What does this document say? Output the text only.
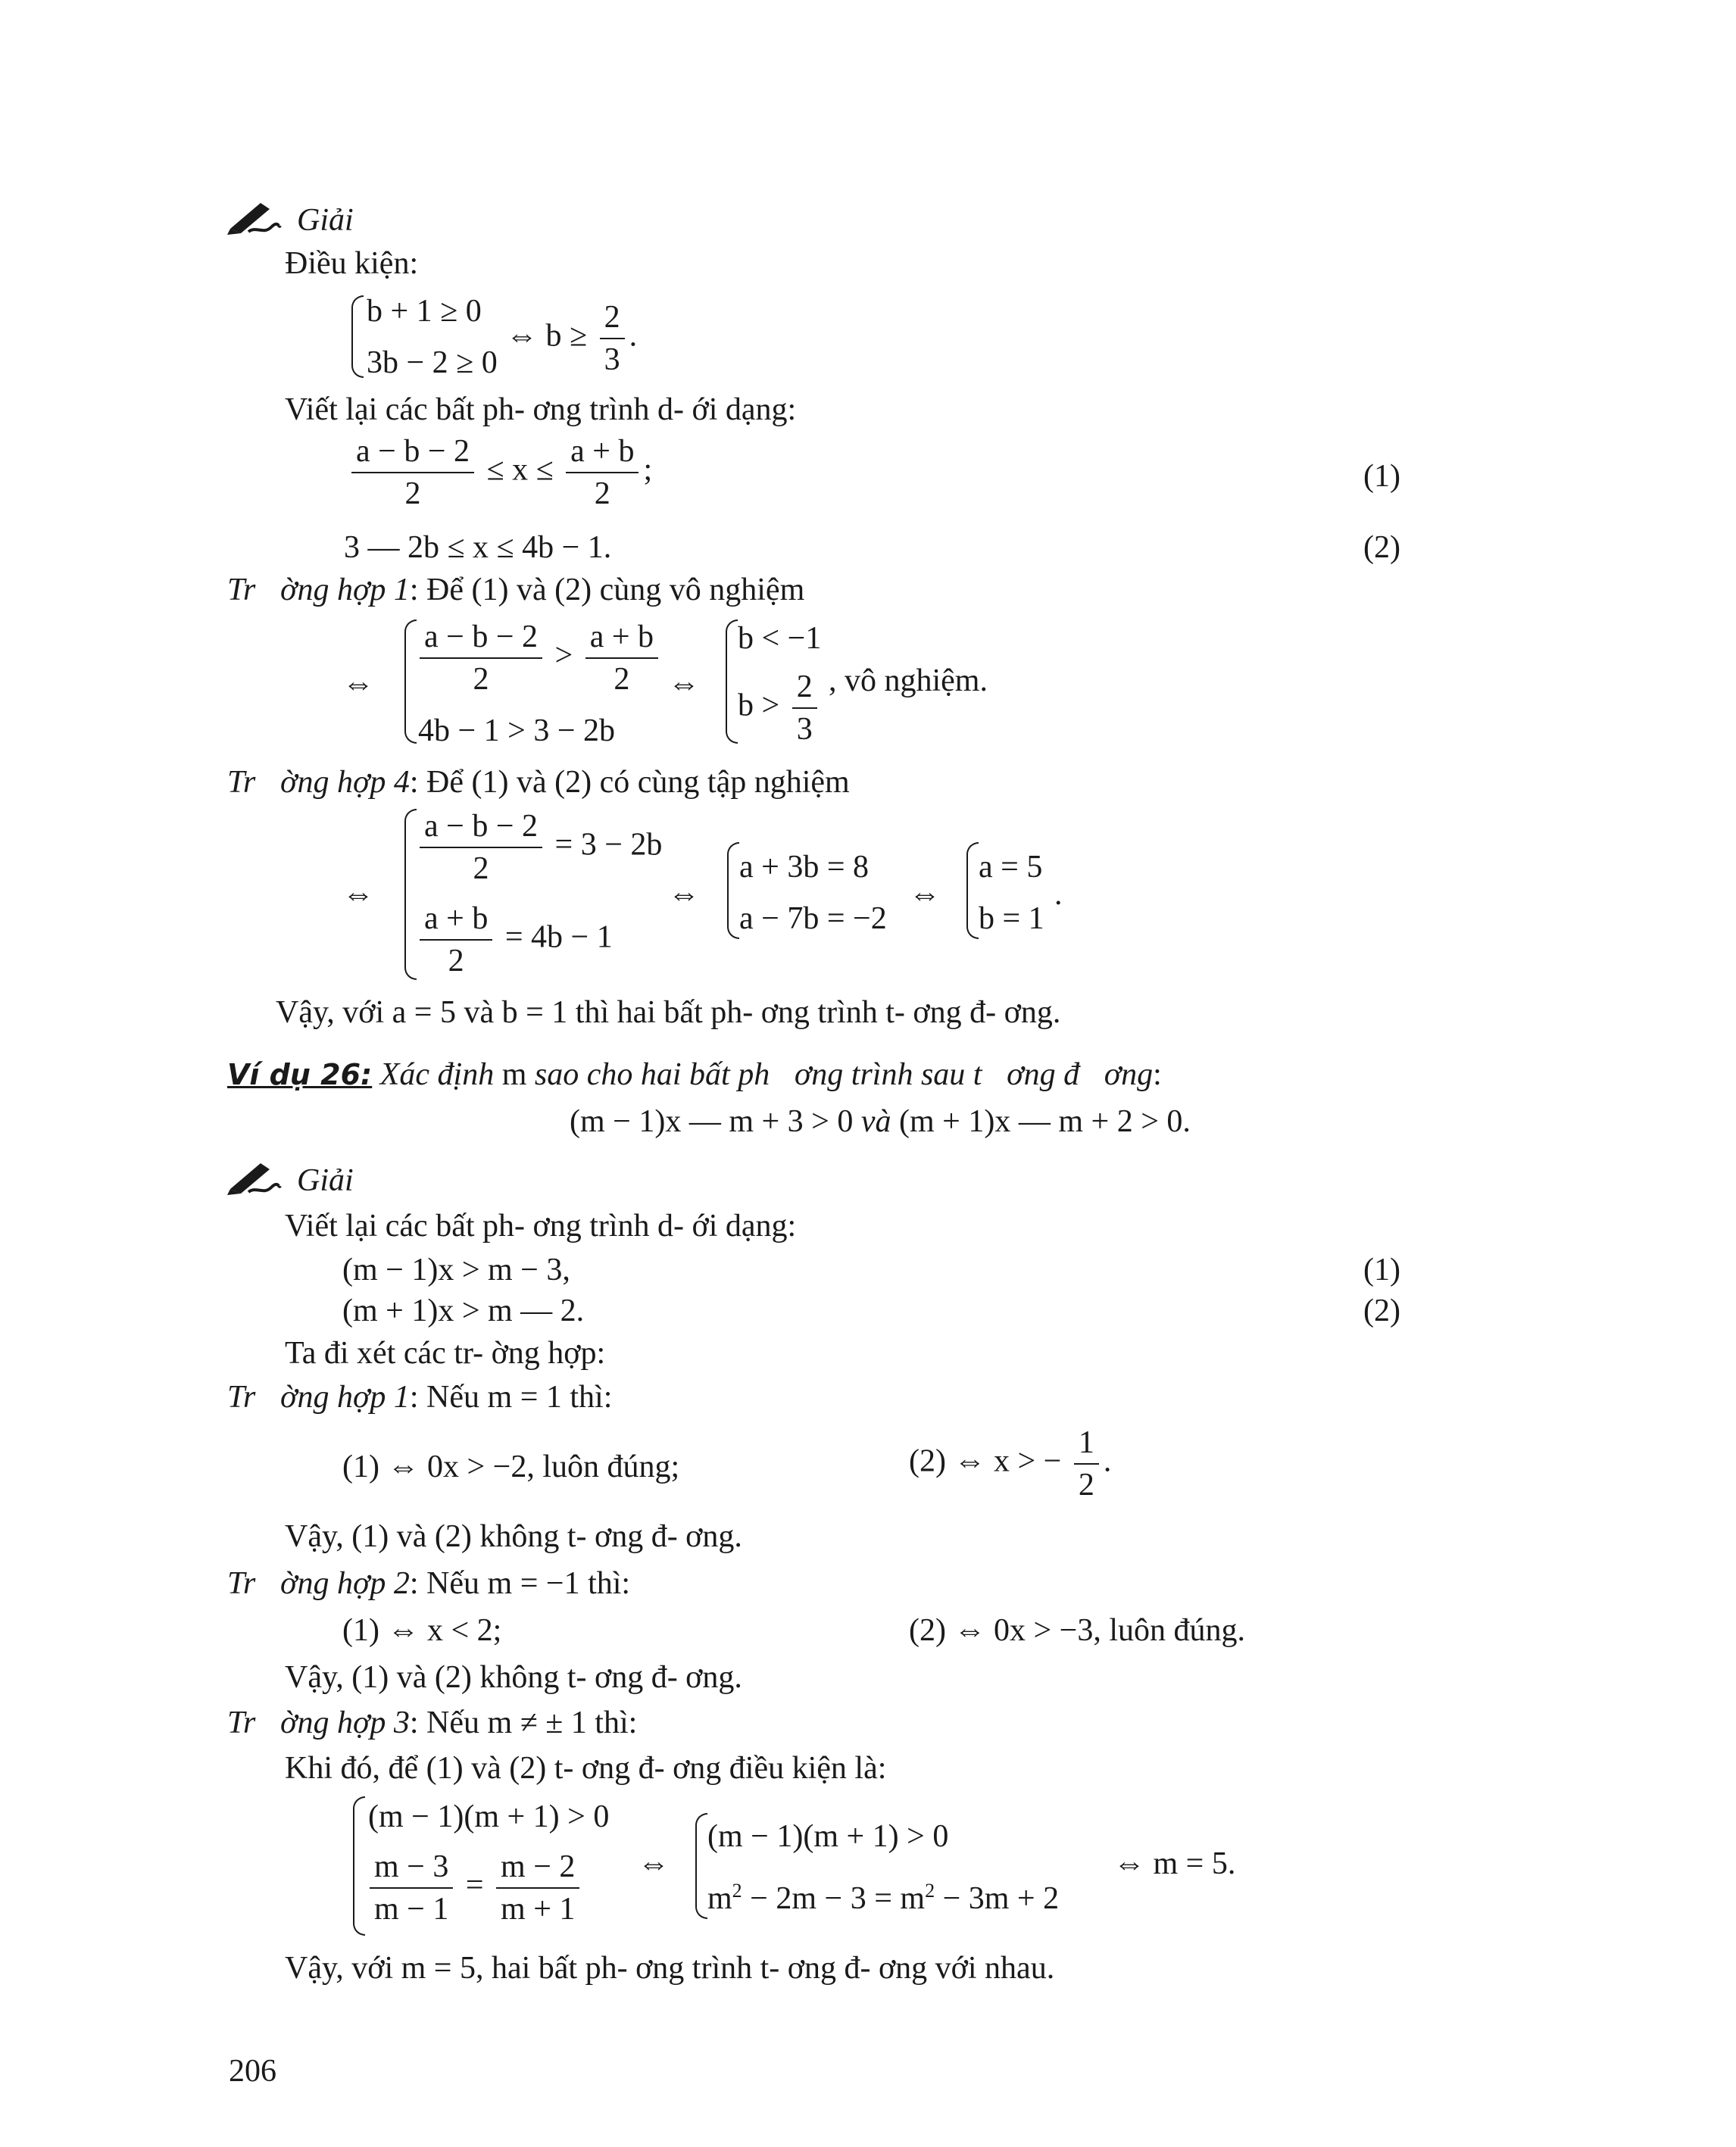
Giải
Điều kiện:
b + 1 ≥ 0
3b − 2 ≥ 0
⇔ $b \ge \frac{2}{3}$ .
Viết lại các bất ph- ơng trình d- ới dạng:
$\frac{a - b - 2}{2} \le x \le \frac{a + b}{2}$ ;	(1)
3 — 2b ≤ x ≤ 4b − 1.	(2)
Tr ờng hợp 1: Để (1) và (2) cùng vô nghiệm
⇔ $\frac{a - b - 2}{2} > \frac{a + b}{2}$
4b − 1 > 3 − 2b
⇔
b < −1
$b > \frac{2}{3}$ , vô nghiệm.
Tr ờng hợp 4: Để (1) và (2) có cùng tập nghiệm
⇔
$\frac{a - b - 2}{2} = 3 - 2b$
$\frac{a + b}{2} = 4b - 1$
⇔
a + 3b = 8
a − 7b = −2
⇔
a = 5
b = 1
.
Vậy, với a = 5 và b = 1 thì hai bất ph- ơng trình t- ơng đ- ơng.
Ví dụ 26: Xác định m sao cho hai bất ph ơng trình sau t ơng đ ơng:
(m − 1)x — m + 3 > 0 và (m + 1)x — m + 2 > 0.
Giải
Viết lại các bất ph- ơng trình d- ới dạng:
(m − 1)x > m − 3,	(1)
(m + 1)x > m — 2.	(2)
Ta đi xét các tr- ờng hợp:
Tr ờng hợp 1: Nếu m = 1 thì:
(1) ⇔ 0x > −2, luôn đúng;	(2) ⇔ x > − $\frac{1}{2}$ .
Vậy, (1) và (2) không t- ơng đ- ơng.
Tr ờng hợp 2: Nếu m = −1 thì:
(1) ⇔ x < 2;	(2) ⇔ 0x > −3, luôn đúng.
Vậy, (1) và (2) không t- ơng đ- ơng.
Tr ờng hợp 3: Nếu m ≠ ± 1 thì:
Khi đó, để (1) và (2) t- ơng đ- ơng điều kiện là:
(m − 1)(m + 1) > 0
$\frac{m - 3}{m - 1} = \frac{m - 2}{m + 1}$ ⇔
(m − 1)(m + 1) > 0
$m^2 - 2m - 3 = m^2 - 3m + 2$
⇔ m = 5.
Vậy, với m = 5, hai bất ph- ơng trình t- ơng đ- ơng với nhau.
206
